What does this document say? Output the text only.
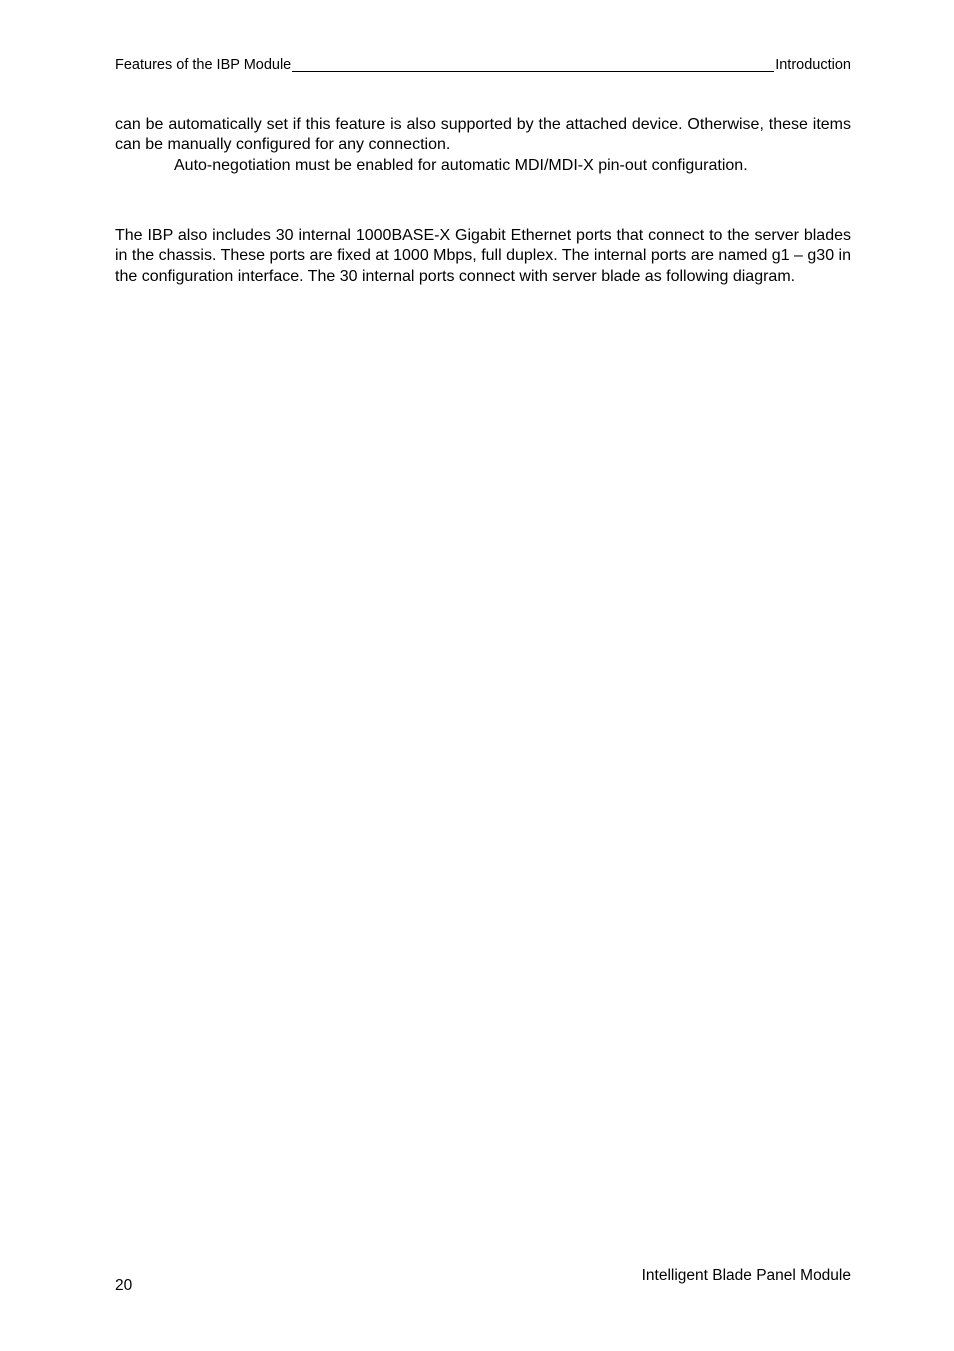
Features of the IBP Module	Introduction

can be automatically set if this feature is also supported by the attached device. Otherwise, these items can be manually configured for any connection.

Auto-negotiation must be enabled for automatic MDI/MDI-X pin-out configuration.

The IBP also includes 30 internal 1000BASE-X Gigabit Ethernet ports that connect to the server blades in the chassis. These ports are fixed at 1000 Mbps, full duplex. The internal ports are named g1 – g30 in the configuration interface. The 30 internal ports connect with server blade as following diagram.

Intelligent Blade Panel Module
20
